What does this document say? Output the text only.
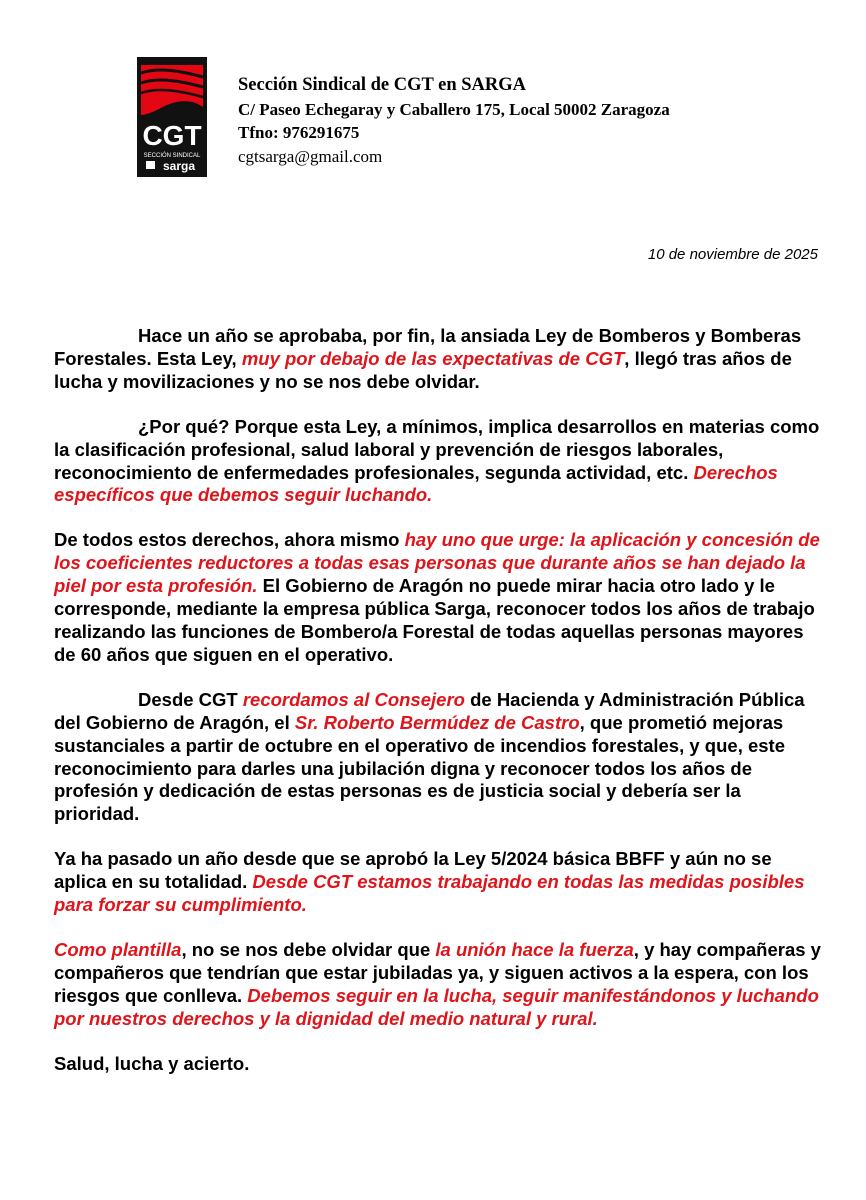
CGT
SECCIÓN SINDICAL
sarga
Sección Sindical de CGT en SARGA
C/ Paseo Echegaray y Caballero 175, Local 50002 Zaragoza
Tfno: 976291675
cgtsarga@gmail.com
10 de noviembre de 2025

Hace un año se aprobaba, por fin, la ansiada Ley de Bomberos y Bomberas Forestales. Esta Ley, muy por debajo de las expectativas de CGT, llegó tras años de lucha y movilizaciones y no se nos debe olvidar.

¿Por qué? Porque esta Ley, a mínimos, implica desarrollos en materias como la clasificación profesional, salud laboral y prevención de riesgos laborales, reconocimiento de enfermedades profesionales, segunda actividad, etc. Derechos específicos que debemos seguir luchando.

De todos estos derechos, ahora mismo hay uno que urge: la aplicación y concesión de los coeficientes reductores a todas esas personas que durante años se han dejado la piel por esta profesión. El Gobierno de Aragón no puede mirar hacia otro lado y le corresponde, mediante la empresa pública Sarga, reconocer todos los años de trabajo realizando las funciones de Bombero/a Forestal de todas aquellas personas mayores de 60 años que siguen en el operativo.

Desde CGT recordamos al Consejero de Hacienda y Administración Pública del Gobierno de Aragón, el Sr. Roberto Bermúdez de Castro, que prometió mejoras sustanciales a partir de octubre en el operativo de incendios forestales, y que, este reconocimiento para darles una jubilación digna y reconocer todos los años de profesión y dedicación de estas personas es de justicia social y debería ser la prioridad.

Ya ha pasado un año desde que se aprobó la Ley 5/2024 básica BBFF y aún no se aplica en su totalidad. Desde CGT estamos trabajando en todas las medidas posibles para forzar su cumplimiento.

Como plantilla, no se nos debe olvidar que la unión hace la fuerza, y hay compañeras y compañeros que tendrían que estar jubiladas ya, y siguen activos a la espera, con los riesgos que conlleva. Debemos seguir en la lucha, seguir manifestándonos y luchando por nuestros derechos y la dignidad del medio natural y rural.

Salud, lucha y acierto.
